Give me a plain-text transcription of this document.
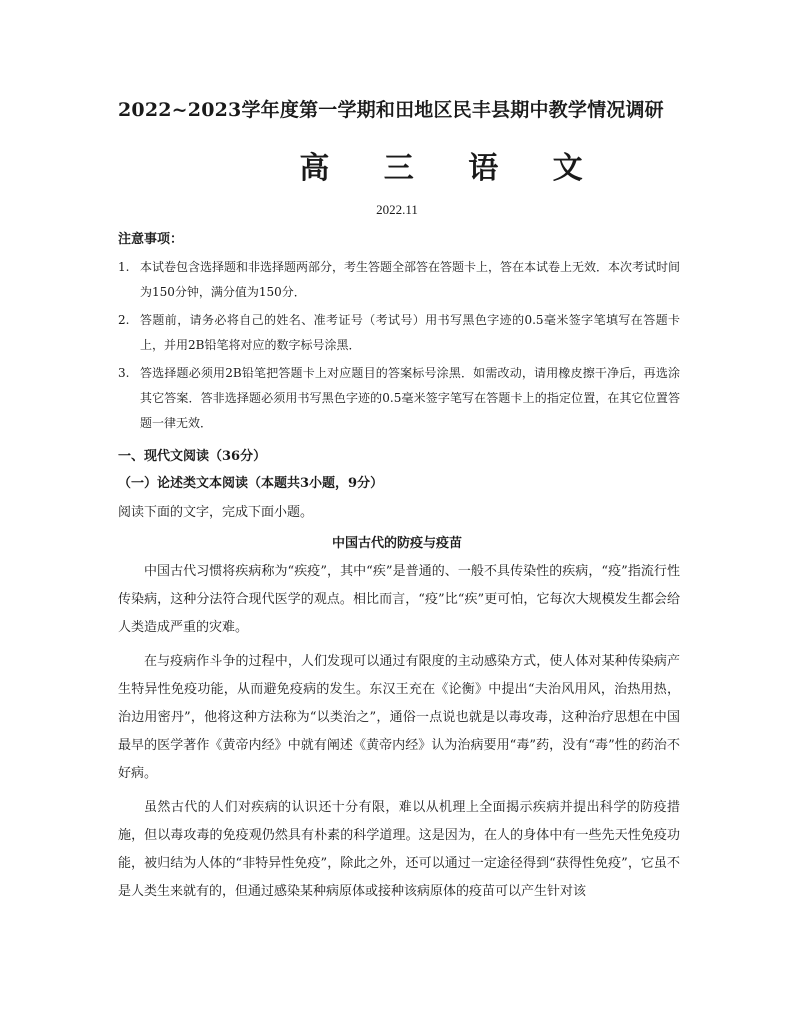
2022~2023学年度第一学期和田地区民丰县期中教学情况调研
高 三 语 文
2022.11
注意事项：
1. 本试卷包含选择题和非选择题两部分，考生答题全部答在答题卡上，答在本试卷上无效．本次考试时间为150分钟，满分值为150分．
2. 答题前，请务必将自己的姓名、准考证号（考试号）用书写黑色字迹的0.5毫米签字笔填写在答题卡上，并用2B铅笔将对应的数字标号涂黑．
3. 答选择题必须用2B铅笔把答题卡上对应题目的答案标号涂黑．如需改动，请用橡皮擦干净后，再选涂其它答案．答非选择题必须用书写黑色字迹的0.5毫米签字笔写在答题卡上的指定位置，在其它位置答题一律无效．
一、现代文阅读（36分）
（一）论述类文本阅读（本题共3小题，9分）
阅读下面的文字，完成下面小题。
中国古代的防疫与疫苗

中国古代习惯将疾病称为“疾疫”，其中“疾”是普通的、一般不具传染性的疾病，“疫”指流行性传染病，这种分法符合现代医学的观点。相比而言，“疫”比“疾”更可怕，它每次大规模发生都会给人类造成严重的灾难。

在与疫病作斗争的过程中，人们发现可以通过有限度的主动感染方式，使人体对某种传染病产生特异性免疫功能，从而避免疫病的发生。东汉王充在《论衡》中提出“夫治风用风，治热用热，治边用密丹”，他将这种方法称为“以类治之”，通俗一点说也就是以毒攻毒，这种治疗思想在中国最早的医学著作《黄帝内经》中就有阐述《黄帝内经》认为治病要用“毒”药，没有“毒”性的药治不好病。

虽然古代的人们对疾病的认识还十分有限，难以从机理上全面揭示疾病并提出科学的防疫措施，但以毒攻毒的免疫观仍然具有朴素的科学道理。这是因为，在人的身体中有一些先天性免疫功能，被归结为人体的“非特异性免疫”，除此之外，还可以通过一定途径得到“获得性免疫”，它虽不是人类生来就有的，但通过感染某种病原体或接种该病原体的疫苗可以产生针对该
